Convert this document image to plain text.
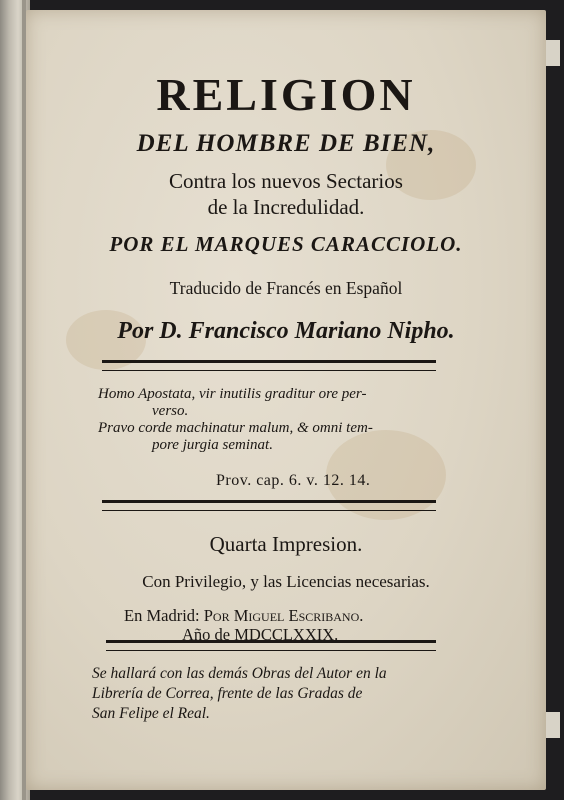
RELIGION
DEL HOMBRE DE BIEN,
Contra los nuevos Sectarios
de la Incredulidad.
POR EL MARQUES CARACCIOLO.
Traducido de Francés en Español
Por D. Francisco Mariano Nipho.
Homo Apostata, vir inutilis graditur ore per-
verso.
Pravo corde machinatur malum, & omni tem-
pore jurgia seminat.
Prov. cap. 6. v. 12. 14.
Quarta Impresion.
Con Privilegio, y las Licencias necesarias.
En Madrid: Por Miguel Escribano.
Año de MDCCLXXIX.
Se hallará con las demás Obras del Autor en la
Librería de Correa, frente de las Gradas de
San Felipe el Real.
